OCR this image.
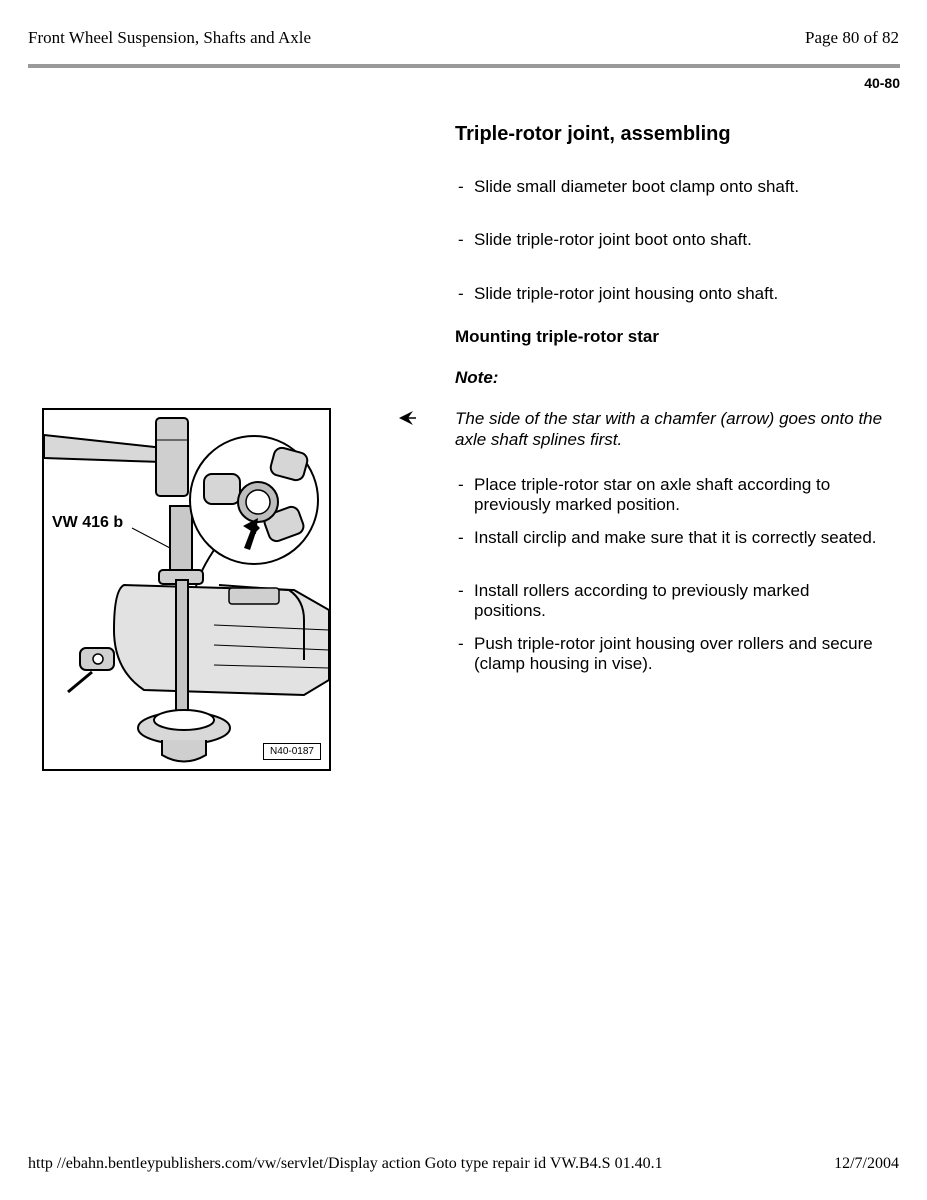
Front Wheel Suspension, Shafts and Axle	Page 80 of 82
40-80
Triple-rotor joint, assembling
- Slide small diameter boot clamp onto shaft.
- Slide triple-rotor joint boot onto shaft.
- Slide triple-rotor joint housing onto shaft.
Mounting triple-rotor star
Note:
The side of the star with a chamfer (arrow) goes onto the axle shaft splines first.
- Place triple-rotor star on axle shaft according to previously marked position.
- Install circlip and make sure that it is correctly seated.
- Install rollers according to previously marked positions.
- Push triple-rotor joint housing over rollers and secure (clamp housing in vise).
VW 416 b
N40-0187
http //ebahn.bentleypublishers.com/vw/servlet/Display action Goto type repair id VW.B4.S 01.40.1	12/7/2004
